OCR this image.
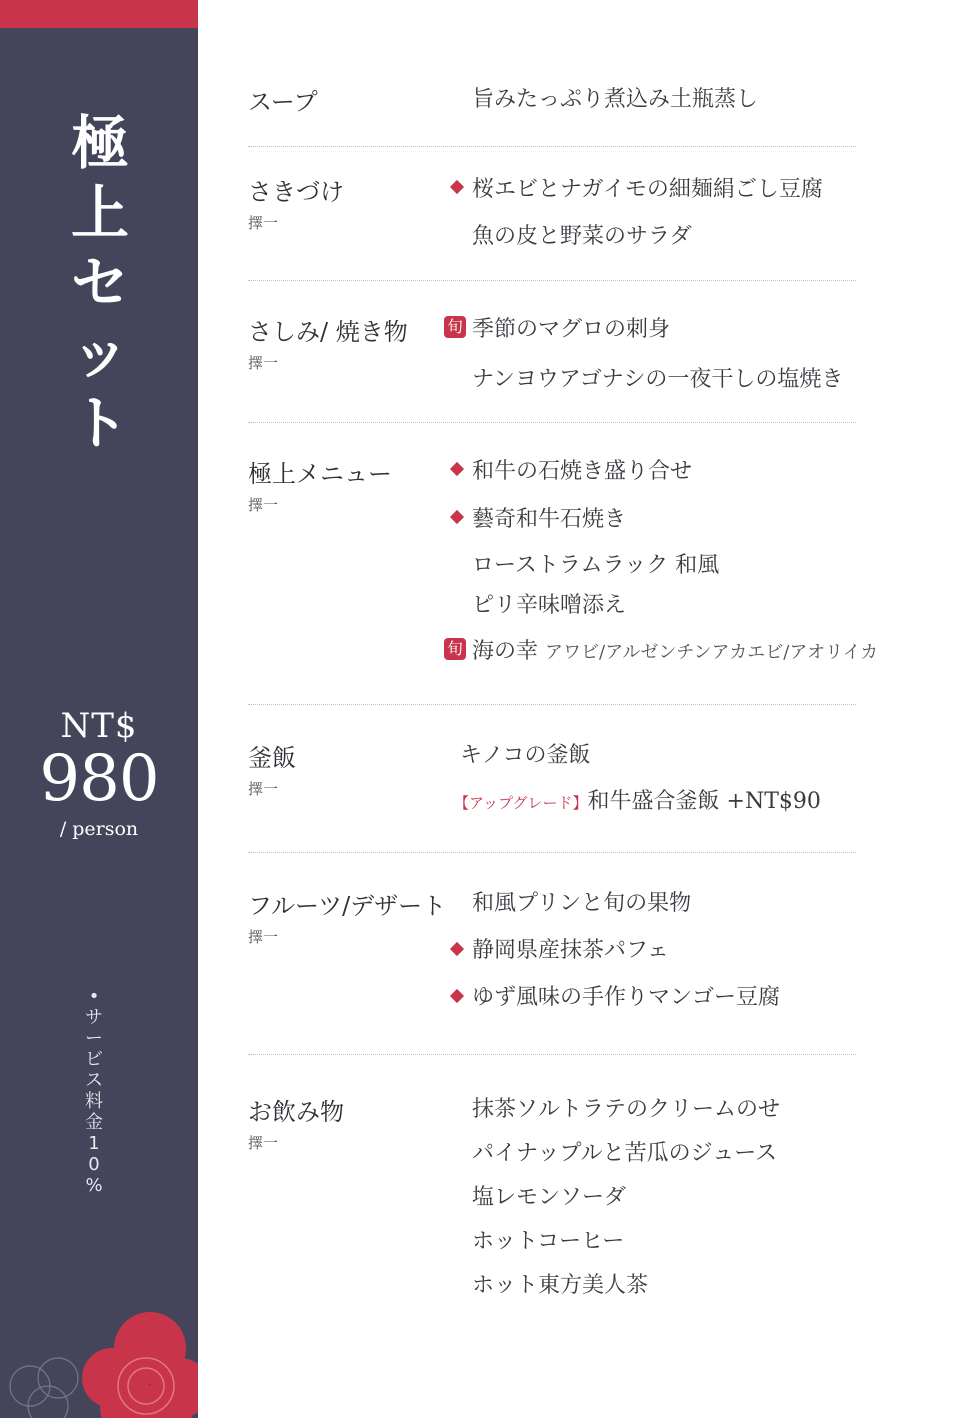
極
上
セ
ッ
ト
NT$
980
/ person
•
サ
ー
ビ
ス
料
金
1
0
%
スープ	旨みたっぷり煮込み土瓶蒸し
さきづけ
擇一
桜エビとナガイモの細麺絹ごし豆腐
魚の皮と野菜のサラダ
さしみ/ 焼き物
擇一
旬 季節のマグロの刺身
ナンヨウアゴナシの一夜干しの塩焼き
極上メニュー
擇一
和牛の石焼き盛り合せ
藝奇和牛石焼き
ローストラムラック 和風
ピリ辛味噌添え
旬 海の幸 アワビ/アルゼンチンアカエビ/アオリイカ
釜飯
擇一
キノコの釜飯
【アップグレード】和牛盛合釜飯 +NT$90
フルーツ/デザート
擇一
和風プリンと旬の果物
静岡県産抹茶パフェ
ゆず風味の手作りマンゴー豆腐
お飲み物
擇一
抹茶ソルトラテのクリームのせ
パイナップルと苦瓜のジュース
塩レモンソーダ
ホットコーヒー
ホット東方美人茶
